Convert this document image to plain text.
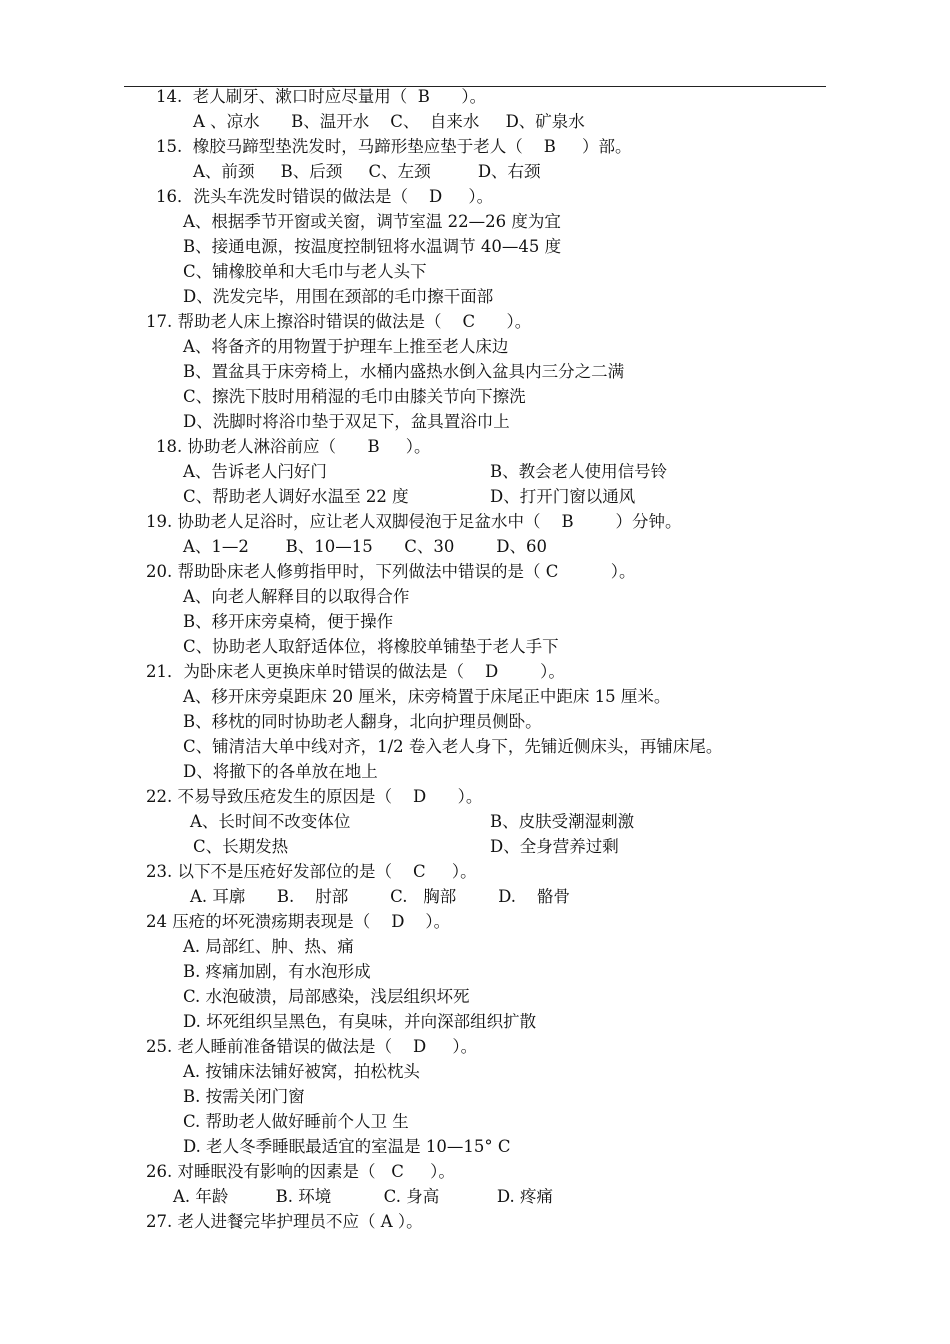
14.  老人刷牙、漱口时应尽量用（  B      ）。
A 、凉水      B、温开水    C、  自来水     D、矿泉水
15.  橡胶马蹄型垫洗发时，马蹄形垫应垫于老人（    B     ）部。
A、前颈     B、后颈     C、左颈         D、右颈
16．洗头车洗发时错误的做法是（    D     ）。
A、根据季节开窗或关窗，调节室温 22—26 度为宜
B、接通电源，按温度控制钮将水温调节 40—45 度
C、铺橡胶单和大毛巾与老人头下
D、洗发完毕，用围在颈部的毛巾擦干面部
17. 帮助老人床上擦浴时错误的做法是（    C      ）。
A、将备齐的用物置于护理车上推至老人床边
B、置盆具于床旁椅上，水桶内盛热水倒入盆具内三分之二满
C、擦洗下肢时用稍湿的毛巾由膝关节向下擦洗
D、洗脚时将浴巾垫于双足下，盆具置浴巾上
18. 协助老人淋浴前应（      B     ）。
A、告诉老人闩好门	B、教会老人使用信号铃
C、帮助老人调好水温至 22 度	D、打开门窗以通风
19. 协助老人足浴时，应让老人双脚侵泡于足盆水中（    B        ）分钟。
A、1—2       B、10—15      C、30        D、60
20. 帮助卧床老人修剪指甲时，下列做法中错误的是（ C          ）。
A、向老人解释目的以取得合作
B、移开床旁桌椅，便于操作
C、协助老人取舒适体位，将橡胶单铺垫于老人手下
21．为卧床老人更换床单时错误的做法是（    D        ）。
A、移开床旁桌距床 20 厘米，床旁椅置于床尾正中距床 15 厘米。
B、移枕的同时协助老人翻身，北向护理员侧卧。
C、铺清洁大单中线对齐，1/2 卷入老人身下，先铺近侧床头，再铺床尾。
D、将撤下的各单放在地上
22. 不易导致压疮发生的原因是（    D      ）。
A、长时间不改变体位	B、皮肤受潮湿刺激
C、长期发热	D、全身营养过剩
23. 以下不是压疮好发部位的是（    C     ）。
A. 耳廓      B.    肘部        C.   胸部        D.    骼骨
24 压疮的坏死溃疡期表现是（    D    ）。
A. 局部红、肿、热、痛
B. 疼痛加剧，有水泡形成
C. 水泡破溃，局部感染，浅层组织坏死
D. 坏死组织呈黑色，有臭味，并向深部组织扩散
25. 老人睡前准备错误的做法是（    D     ）。
A. 按铺床法铺好被窝，拍松枕头
B. 按需关闭门窗
C. 帮助老人做好睡前个人卫 生
D. 老人冬季睡眠最适宜的室温是 10—15° C
26. 对睡眠没有影响的因素是（   C     ）。
A. 年龄         B. 环境          C. 身高           D. 疼痛
27. 老人进餐完毕护理员不应（ A ）。
